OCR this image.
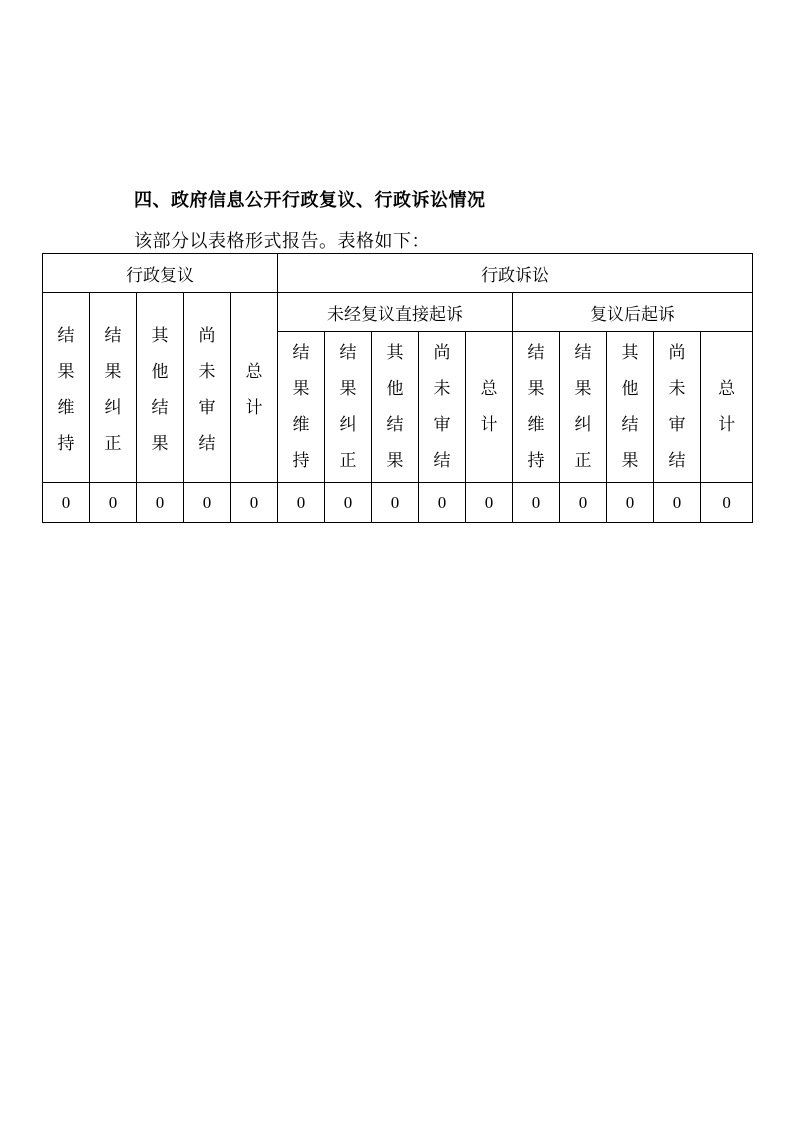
四、政府信息公开行政复议、行政诉讼情况
该部分以表格形式报告。表格如下：
行政复议					行政诉讼									
结果维持	结果纠正	其他结果	尚未审结	总计	未经复议直接起诉					复议后起诉				
					结果维持	结果纠正	其他结果	尚未审结	总计	结果维持	结果纠正	其他结果	尚未审结	总计
0	0	0	0	0	0	0	0	0	0	0	0	0	0	0
